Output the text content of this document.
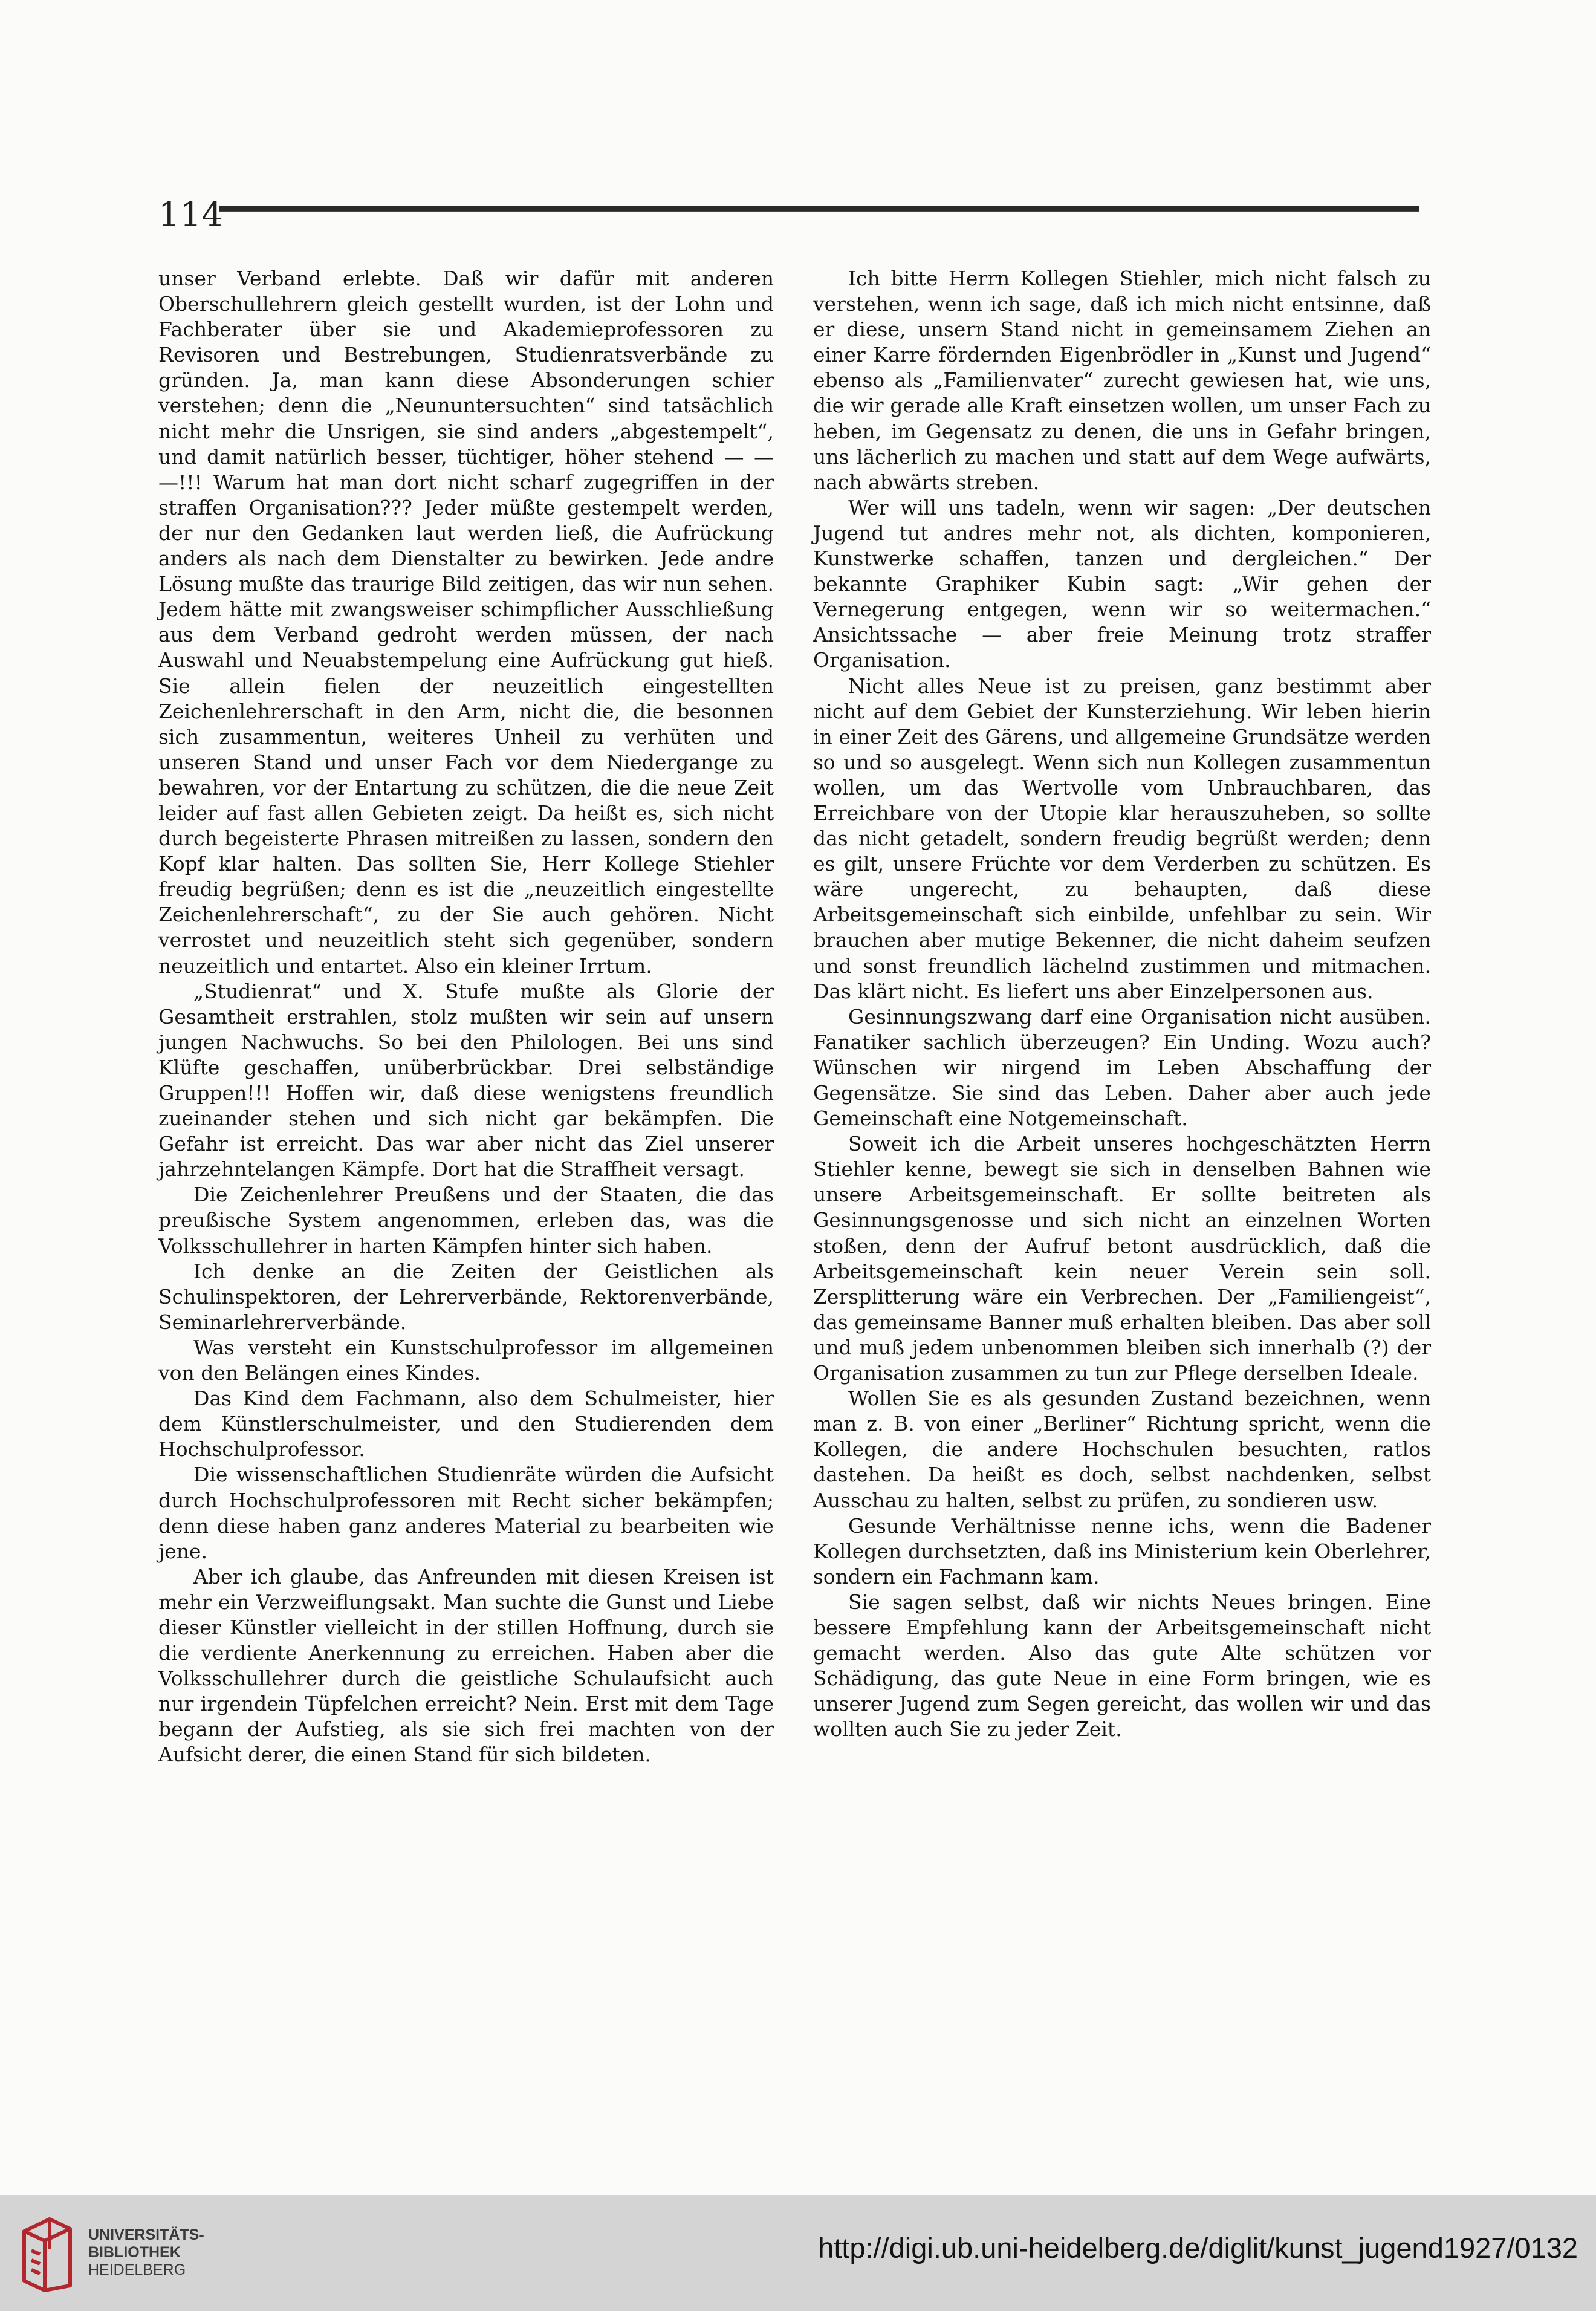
114

unser Verband erlebte. Daß wir dafür mit anderen Oberschullehrern gleich gestellt wurden, ist der Lohn und Fachberater über sie und Akademieprofessoren zu Revisoren und Bestrebungen, Studienratsverbände zu gründen. Ja, man kann diese Absonderungen schier verstehen; denn die „Neununtersuchten“ sind tatsächlich nicht mehr die Unsrigen, sie sind anders „abgestempelt“, und damit natürlich besser, tüchtiger, höher stehend — — —!!! Warum hat man dort nicht scharf zugegriffen in der straffen Organisation??? Jeder müßte gestempelt werden, der nur den Gedanken laut werden ließ, die Aufrückung anders als nach dem Dienstalter zu bewirken. Jede andre Lösung mußte das traurige Bild zeitigen, das wir nun sehen. Jedem hätte mit zwangsweiser schimpflicher Ausschließung aus dem Verband gedroht werden müssen, der nach Auswahl und Neuabstempelung eine Aufrückung gut hieß. Sie allein fielen der neuzeitlich eingestellten Zeichenlehrerschaft in den Arm, nicht die, die besonnen sich zusammentun, weiteres Unheil zu verhüten und unseren Stand und unser Fach vor dem Niedergange zu bewahren, vor der Entartung zu schützen, die die neue Zeit leider auf fast allen Gebieten zeigt. Da heißt es, sich nicht durch begeisterte Phrasen mitreißen zu lassen, sondern den Kopf klar halten. Das sollten Sie, Herr Kollege Stiehler freudig begrüßen; denn es ist die „neuzeitlich eingestellte Zeichenlehrerschaft“, zu der Sie auch gehören. Nicht verrostet und neuzeitlich steht sich gegenüber, sondern neuzeitlich und entartet. Also ein kleiner Irrtum.

„Studienrat“ und X. Stufe mußte als Glorie der Gesamtheit erstrahlen, stolz mußten wir sein auf unsern jungen Nachwuchs. So bei den Philologen. Bei uns sind Klüfte geschaffen, unüberbrückbar. Drei selbständige Gruppen!!! Hoffen wir, daß diese wenigstens freundlich zueinander stehen und sich nicht gar bekämpfen. Die Gefahr ist erreicht. Das war aber nicht das Ziel unserer jahrzehntelangen Kämpfe. Dort hat die Straffheit versagt.

Die Zeichenlehrer Preußens und der Staaten, die das preußische System angenommen, erleben das, was die Volksschullehrer in harten Kämpfen hinter sich haben.

Ich denke an die Zeiten der Geistlichen als Schulinspektoren, der Lehrerverbände, Rektorenverbände, Seminarlehrerverbände.

Was versteht ein Kunstschulprofessor im allgemeinen von den Belängen eines Kindes.

Das Kind dem Fachmann, also dem Schulmeister, hier dem Künstlerschulmeister, und den Studierenden dem Hochschulprofessor.

Die wissenschaftlichen Studienräte würden die Aufsicht durch Hochschulprofessoren mit Recht sicher bekämpfen; denn diese haben ganz anderes Material zu bearbeiten wie jene.

Aber ich glaube, das Anfreunden mit diesen Kreisen ist mehr ein Verzweiflungsakt. Man suchte die Gunst und Liebe dieser Künstler vielleicht in der stillen Hoffnung, durch sie die verdiente Anerkennung zu erreichen. Haben aber die Volksschullehrer durch die geistliche Schulaufsicht auch nur irgendein Tüpfelchen erreicht? Nein. Erst mit dem Tage begann der Aufstieg, als sie sich frei machten von der Aufsicht derer, die einen Stand für sich bildeten.

Ich bitte Herrn Kollegen Stiehler, mich nicht falsch zu verstehen, wenn ich sage, daß ich mich nicht entsinne, daß er diese, unsern Stand nicht in gemeinsamem Ziehen an einer Karre fördernden Eigenbrödler in „Kunst und Jugend“ ebenso als „Familienvater“ zurecht gewiesen hat, wie uns, die wir gerade alle Kraft einsetzen wollen, um unser Fach zu heben, im Gegensatz zu denen, die uns in Gefahr bringen, uns lächerlich zu machen und statt auf dem Wege aufwärts, nach abwärts streben.

Wer will uns tadeln, wenn wir sagen: „Der deutschen Jugend tut andres mehr not, als dichten, komponieren, Kunstwerke schaffen, tanzen und dergleichen.“ Der bekannte Graphiker Kubin sagt: „Wir gehen der Vernegerung entgegen, wenn wir so weitermachen.“ Ansichtssache — aber freie Meinung trotz straffer Organisation.

Nicht alles Neue ist zu preisen, ganz bestimmt aber nicht auf dem Gebiet der Kunsterziehung. Wir leben hierin in einer Zeit des Gärens, und allgemeine Grundsätze werden so und so ausgelegt. Wenn sich nun Kollegen zusammentun wollen, um das Wertvolle vom Unbrauchbaren, das Erreichbare von der Utopie klar herauszuheben, so sollte das nicht getadelt, sondern freudig begrüßt werden; denn es gilt, unsere Früchte vor dem Verderben zu schützen. Es wäre ungerecht, zu behaupten, daß diese Arbeitsgemeinschaft sich einbilde, unfehlbar zu sein. Wir brauchen aber mutige Bekenner, die nicht daheim seufzen und sonst freundlich lächelnd zustimmen und mitmachen. Das klärt nicht. Es liefert uns aber Einzelpersonen aus.

Gesinnungszwang darf eine Organisation nicht ausüben. Fanatiker sachlich überzeugen? Ein Unding. Wozu auch? Wünschen wir nirgend im Leben Abschaffung der Gegensätze. Sie sind das Leben. Daher aber auch jede Gemeinschaft eine Notgemeinschaft.

Soweit ich die Arbeit unseres hochgeschätzten Herrn Stiehler kenne, bewegt sie sich in denselben Bahnen wie unsere Arbeitsgemeinschaft. Er sollte beitreten als Gesinnungsgenosse und sich nicht an einzelnen Worten stoßen, denn der Aufruf betont ausdrücklich, daß die Arbeitsgemeinschaft kein neuer Verein sein soll. Zersplitterung wäre ein Verbrechen. Der „Familiengeist“, das gemeinsame Banner muß erhalten bleiben. Das aber soll und muß jedem unbenommen bleiben sich innerhalb (?) der Organisation zusammen zu tun zur Pflege derselben Ideale.

Wollen Sie es als gesunden Zustand bezeichnen, wenn man z. B. von einer „Berliner“ Richtung spricht, wenn die Kollegen, die andere Hochschulen besuchten, ratlos dastehen. Da heißt es doch, selbst nachdenken, selbst Ausschau zu halten, selbst zu prüfen, zu sondieren usw.

Gesunde Verhältnisse nenne ichs, wenn die Badener Kollegen durchsetzten, daß ins Ministerium kein Oberlehrer, sondern ein Fachmann kam.

Sie sagen selbst, daß wir nichts Neues bringen. Eine bessere Empfehlung kann der Arbeitsgemeinschaft nicht gemacht werden. Also das gute Alte schützen vor Schädigung, das gute Neue in eine Form bringen, wie es unserer Jugend zum Segen gereicht, das wollen wir und das wollten auch Sie zu jeder Zeit.

UNIVERSITÄTS-
BIBLIOTHEK
HEIDELBERG
http://digi.ub.uni-heidelberg.de/diglit/kunst_jugend1927/0132
